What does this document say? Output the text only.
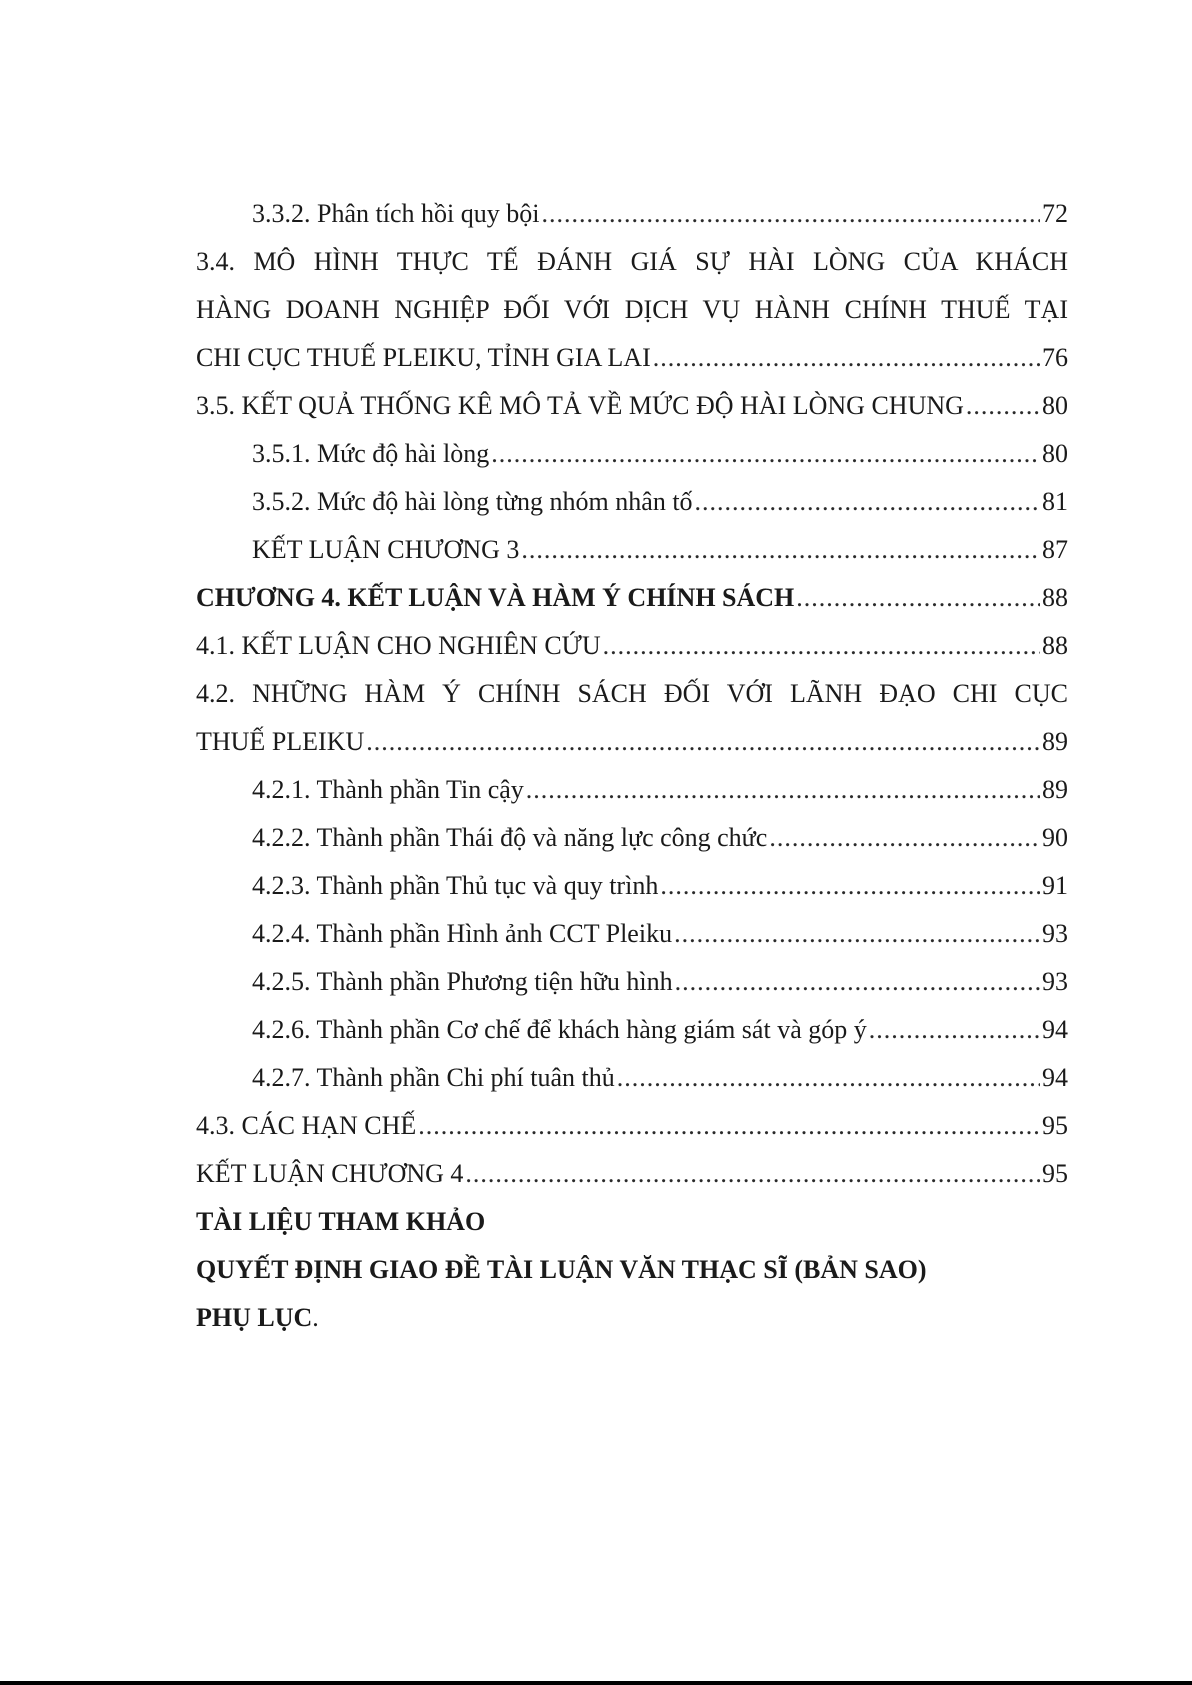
3.3.2. Phân tích hồi quy bội .....	72
3.4. MÔ HÌNH THỰC TẾ ĐÁNH GIÁ SỰ HÀI LÒNG CỦA KHÁCH
HÀNG DOANH NGHIỆP ĐỐI VỚI DỊCH VỤ HÀNH CHÍNH THUẾ TẠI
CHI CỤC THUẾ PLEIKU, TỈNH GIA LAI .....	76
3.5. KẾT QUẢ THỐNG KÊ MÔ TẢ VỀ MỨC ĐỘ HÀI LÒNG CHUNG .....	80
3.5.1. Mức độ hài lòng .....	80
3.5.2. Mức độ hài lòng từng nhóm nhân tố .....	81
KẾT LUẬN CHƯƠNG 3 .....	87
CHƯƠNG 4. KẾT LUẬN VÀ HÀM Ý CHÍNH SÁCH .....	88
4.1. KẾT LUẬN CHO NGHIÊN CỨU .....	88
4.2. NHỮNG HÀM Ý CHÍNH SÁCH ĐỐI VỚI LÃNH ĐẠO CHI CỤC
THUẾ PLEIKU .....	89
4.2.1. Thành phần Tin cậy .....	89
4.2.2. Thành phần Thái độ và năng lực công chức .....	90
4.2.3. Thành phần Thủ tục và quy trình .....	91
4.2.4. Thành phần Hình ảnh CCT Pleiku .....	93
4.2.5. Thành phần Phương tiện hữu hình .....	93
4.2.6. Thành phần Cơ chế để khách hàng giám sát và góp ý .....	94
4.2.7. Thành phần Chi phí tuân thủ .....	94
4.3. CÁC HẠN CHẾ .....	95
KẾT LUẬN CHƯƠNG 4 .....	95
TÀI LIỆU THAM KHẢO
QUYẾT ĐỊNH GIAO ĐỀ TÀI LUẬN VĂN THẠC SĨ (BẢN SAO)
PHỤ LỤC .
